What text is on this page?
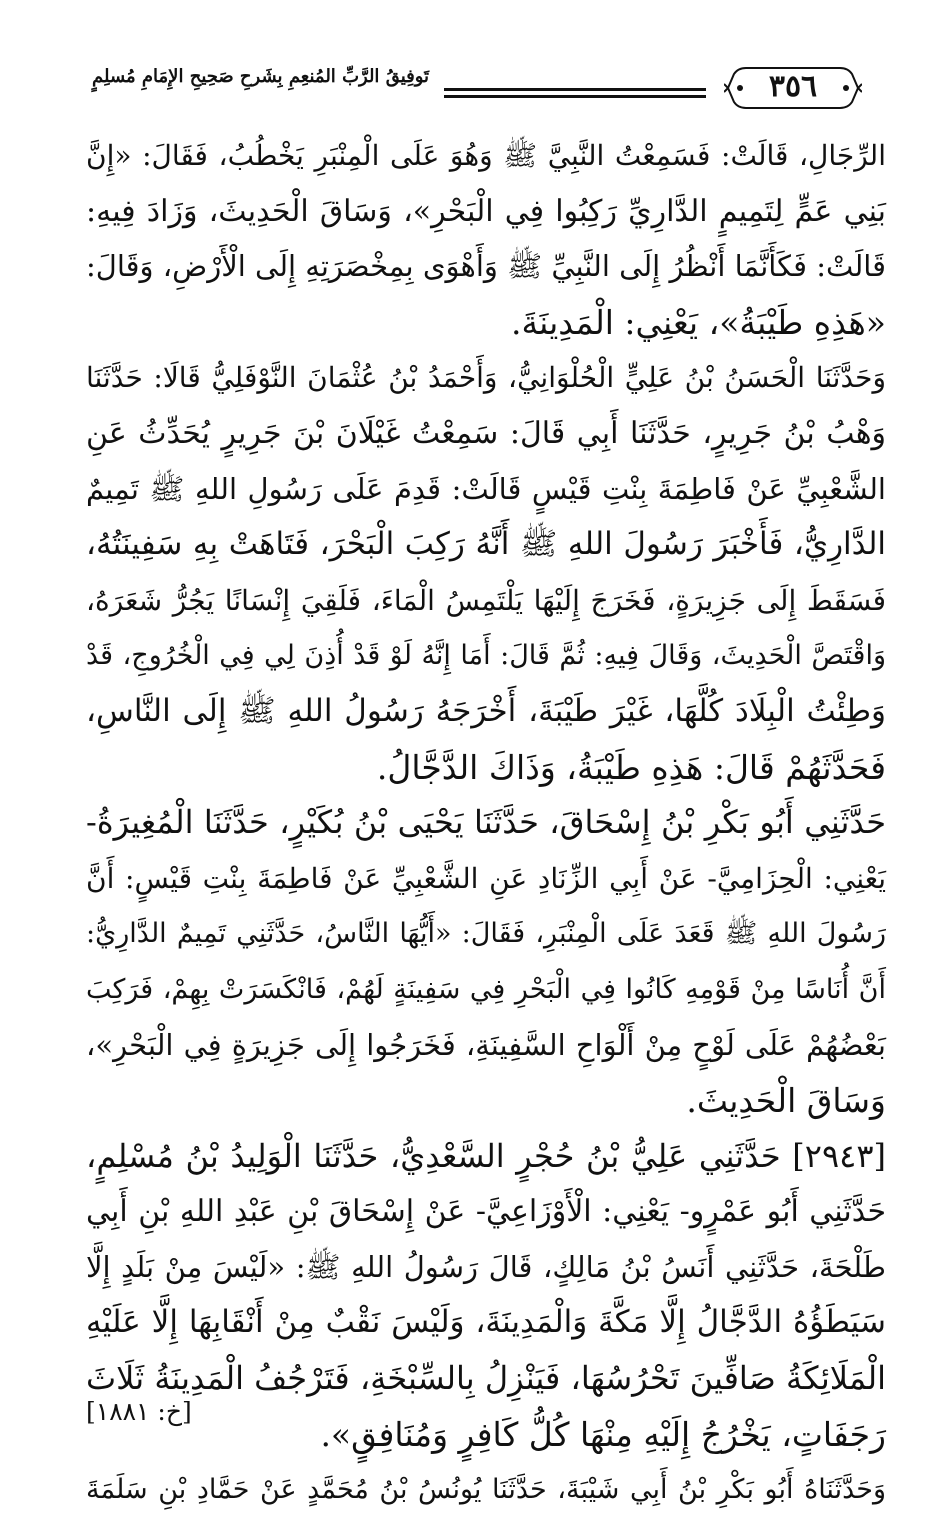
تَوفِيقُ الرَّبِّ المُنعِمِ بِشَرحِ صَحِيحِ الإِمَامِ مُسلِمٍ	٣٥٦
الرِّجَالِ، قَالَتْ: فَسَمِعْتُ النَّبِيَّ ﷺ وَهُوَ عَلَى الْمِنْبَرِ يَخْطُبُ، فَقَالَ: «إِنَّ
بَنِي عَمٍّ لِتَمِيمٍ الدَّارِيِّ رَكِبُوا فِي الْبَحْرِ»، وَسَاقَ الْحَدِيثَ، وَزَادَ فِيهِ:
قَالَتْ: فَكَأَنَّمَا أَنْظُرُ إِلَى النَّبِيِّ ﷺ وَأَهْوَى بِمِخْصَرَتِهِ إِلَى الْأَرْضِ، وَقَالَ:
«هَذِهِ طَيْبَةُ»، يَعْنِي: الْمَدِينَةَ.
وَحَدَّثَنَا الْحَسَنُ بْنُ عَلِيٍّ الْحُلْوَانِيُّ، وَأَحْمَدُ بْنُ عُثْمَانَ النَّوْفَلِيُّ قَالَا: حَدَّثَنَا
وَهْبُ بْنُ جَرِيرٍ، حَدَّثَنَا أَبِي قَالَ: سَمِعْتُ غَيْلَانَ بْنَ جَرِيرٍ يُحَدِّثُ عَنِ
الشَّعْبِيِّ عَنْ فَاطِمَةَ بِنْتِ قَيْسٍ قَالَتْ: قَدِمَ عَلَى رَسُولِ اللهِ ﷺ تَمِيمٌ
الدَّارِيُّ، فَأَخْبَرَ رَسُولَ اللهِ ﷺ أَنَّهُ رَكِبَ الْبَحْرَ، فَتَاهَتْ بِهِ سَفِينَتُهُ،
فَسَقَطَ إِلَى جَزِيرَةٍ، فَخَرَجَ إِلَيْهَا يَلْتَمِسُ الْمَاءَ، فَلَقِيَ إِنْسَانًا يَجُرُّ شَعَرَهُ،
وَاقْتَصَّ الْحَدِيثَ، وَقَالَ فِيهِ: ثُمَّ قَالَ: أَمَا إِنَّهُ لَوْ قَدْ أُذِنَ لِي فِي الْخُرُوجِ، قَدْ
وَطِئْتُ الْبِلَادَ كُلَّهَا، غَيْرَ طَيْبَةَ، أَخْرَجَهُ رَسُولُ اللهِ ﷺ إِلَى النَّاسِ،
فَحَدَّثَهُمْ قَالَ: هَذِهِ طَيْبَةُ، وَذَاكَ الدَّجَّالُ.
حَدَّثَنِي أَبُو بَكْرِ بْنُ إِسْحَاقَ، حَدَّثَنَا يَحْيَى بْنُ بُكَيْرٍ، حَدَّثَنَا الْمُغِيرَةُ-
يَعْنِي: الْحِزَامِيَّ- عَنْ أَبِي الزِّنَادِ عَنِ الشَّعْبِيِّ عَنْ فَاطِمَةَ بِنْتِ قَيْسٍ: أَنَّ
رَسُولَ اللهِ ﷺ قَعَدَ عَلَى الْمِنْبَرِ، فَقَالَ: «أَيُّهَا النَّاسُ، حَدَّثَنِي تَمِيمٌ الدَّارِيُّ:
أَنَّ أُنَاسًا مِنْ قَوْمِهِ كَانُوا فِي الْبَحْرِ فِي سَفِينَةٍ لَهُمْ، فَانْكَسَرَتْ بِهِمْ، فَرَكِبَ
بَعْضُهُمْ عَلَى لَوْحٍ مِنْ أَلْوَاحِ السَّفِينَةِ، فَخَرَجُوا إِلَى جَزِيرَةٍ فِي الْبَحْرِ»،
وَسَاقَ الْحَدِيثَ.
[٢٩٤٣] حَدَّثَنِي عَلِيُّ بْنُ حُجْرٍ السَّعْدِيُّ، حَدَّثَنَا الْوَلِيدُ بْنُ مُسْلِمٍ،
حَدَّثَنِي أَبُو عَمْرٍو- يَعْنِي: الْأَوْزَاعِيَّ- عَنْ إِسْحَاقَ بْنِ عَبْدِ اللهِ بْنِ أَبِي
طَلْحَةَ، حَدَّثَنِي أَنَسُ بْنُ مَالِكٍ، قَالَ رَسُولُ اللهِ ﷺ: «لَيْسَ مِنْ بَلَدٍ إِلَّا
سَيَطَؤُهُ الدَّجَّالُ إِلَّا مَكَّةَ وَالْمَدِينَةَ، وَلَيْسَ نَقْبٌ مِنْ أَنْقَابِهَا إِلَّا عَلَيْهِ
الْمَلَائِكَةُ صَافِّينَ تَحْرُسُهَا، فَيَنْزِلُ بِالسِّبْخَةِ، فَتَرْجُفُ الْمَدِينَةُ ثَلَاثَ
رَجَفَاتٍ، يَخْرُجُ إِلَيْهِ مِنْهَا كُلُّ كَافِرٍ وَمُنَافِقٍ».
[خ: ١٨٨١]
وَحَدَّثَنَاهُ أَبُو بَكْرِ بْنُ أَبِي شَيْبَةَ، حَدَّثَنَا يُونُسُ بْنُ مُحَمَّدٍ عَنْ حَمَّادِ بْنِ سَلَمَةَ
